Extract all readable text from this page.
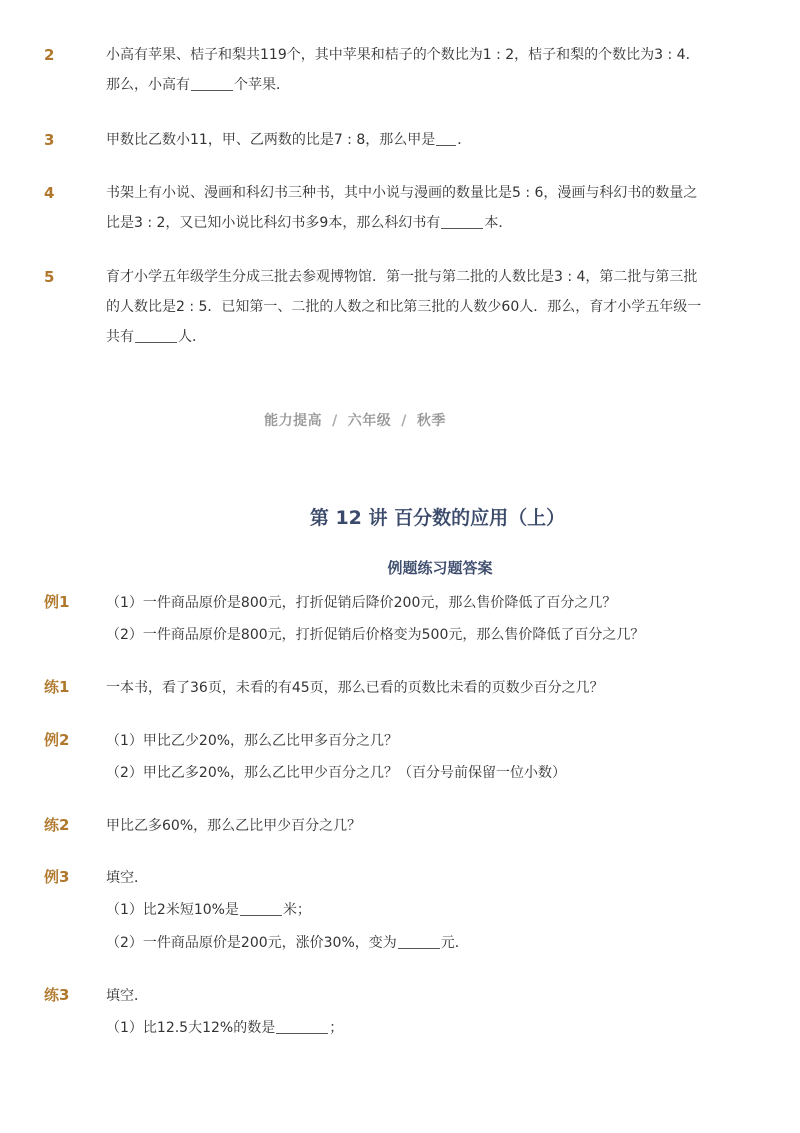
2	小高有苹果、桔子和梨共119个，其中苹果和桔子的个数比为1 : 2，桔子和梨的个数比为3 : 4．
那么，小高有	个苹果．
3	甲数比乙数小11，甲、乙两数的比是7 : 8，那么甲是 ．
4	书架上有小说、漫画和科幻书三种书，其中小说与漫画的数量比是5 : 6，漫画与科幻书的数量之
比是3 : 2，又已知小说比科幻书多9本，那么科幻书有	本．
5	育才小学五年级学生分成三批去参观博物馆．第一批与第二批的人数比是3 : 4，第二批与第三批
的人数比是2 : 5．已知第一、二批的人数之和比第三批的人数少60人．那么，育才小学五年级一
共有	人．
能力提高 / 六年级 / 秋季
第 12 讲 百分数的应用（上）
例题练习题答案
例1	（1）一件商品原价是800元，打折促销后降价200元，那么售价降低了百分之几？
（2）一件商品原价是800元，打折促销后价格变为500元，那么售价降低了百分之几？
练1	一本书，看了36页，未看的有45页，那么已看的页数比未看的页数少百分之几？
例2	（1）甲比乙少20%，那么乙比甲多百分之几？
（2）甲比乙多20%，那么乙比甲少百分之几？（百分号前保留一位小数）
练2	甲比乙多60%，那么乙比甲少百分之几？
例3	填空．
（1）比2米短10%是	米；
（2）一件商品原价是200元，涨价30%，变为	元．
练3	填空．
（1）比12.5大12%的数是	；
